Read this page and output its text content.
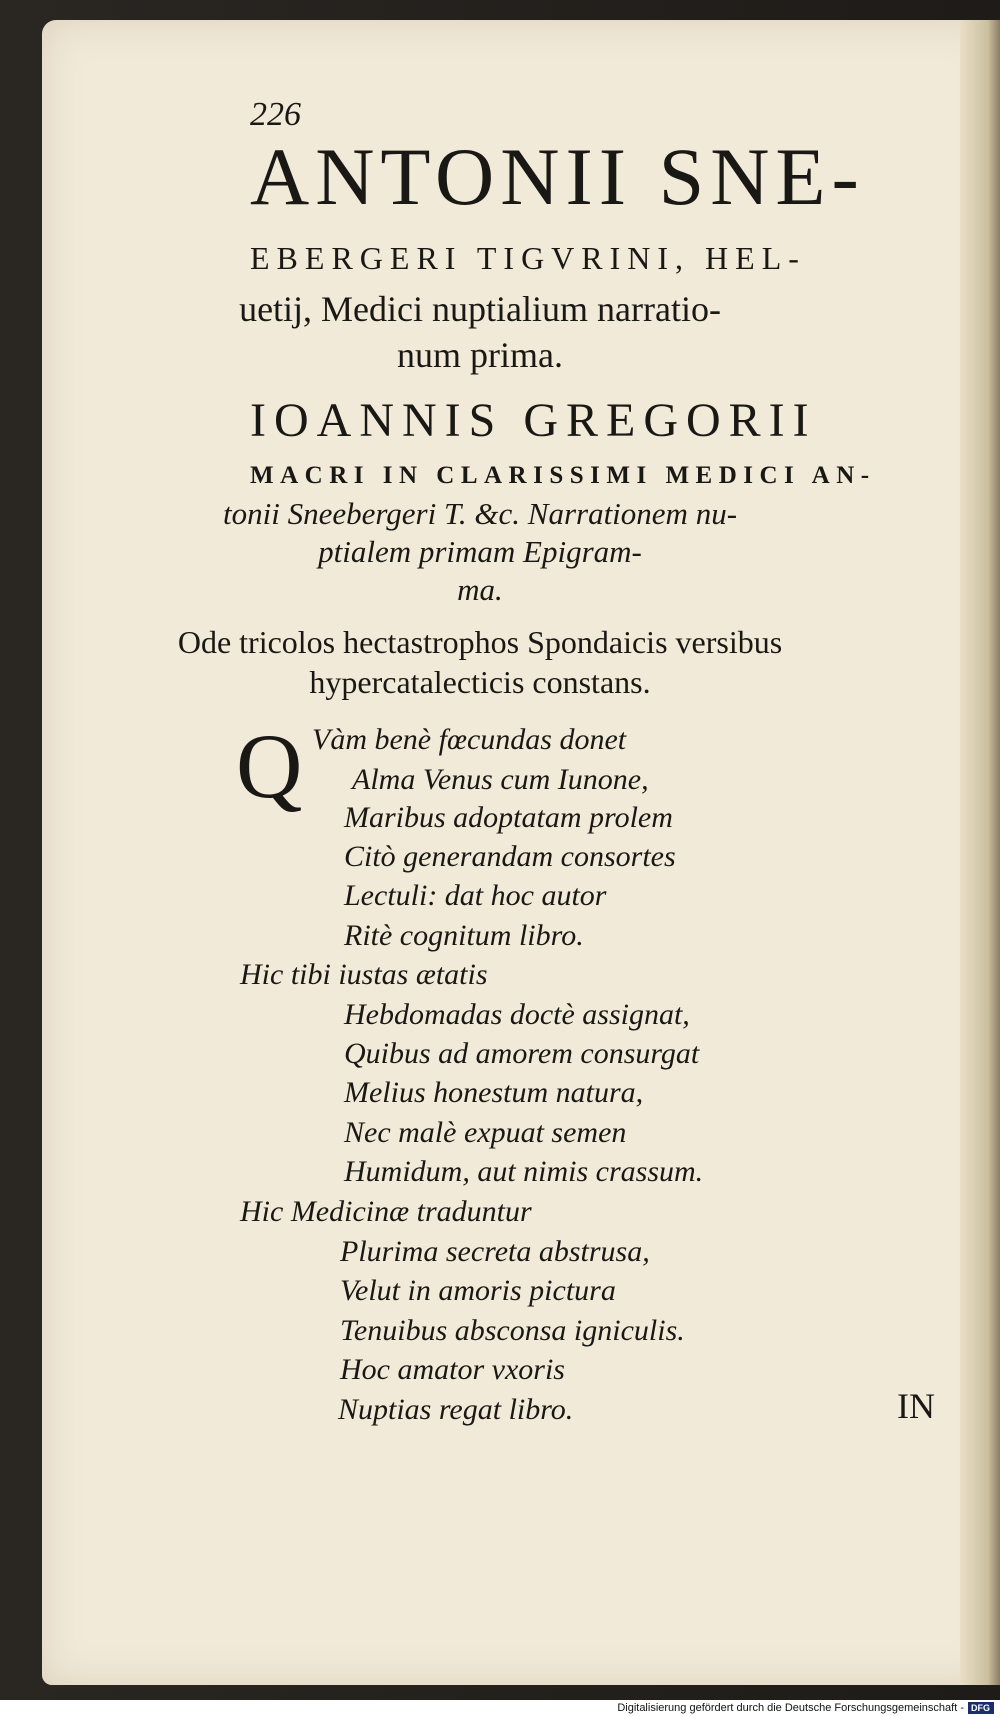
226
ANTONII SNE-
EBERGERI TIGVRINI, HEL-
uetij, Medici nuptialium narratio-
num prima.
IOANNIS GREGORII
MACRI IN CLARISSIMI MEDICI AN-
tonii Sneebergeri T. &c. Narrationem nu-
ptialem primam Epigram-
ma.
Ode tricolos hectastrophos Spondaicis versibus
hypercatalecticis constans.
Q Vàm benè fœcundas donet
Alma Venus cum Iunone,
Maribus adoptatam prolem
Citò generandam consortes
Lectuli: dat hoc autor
Ritè cognitum libro.
Hic tibi iustas ætatis
Hebdomadas doctè assignat,
Quibus ad amorem consurgat
Melius honestum natura,
Nec malè expuat semen
Humidum, aut nimis crassum.
Hic Medicinæ traduntur
Plurima secreta abstrusa,
Velut in amoris pictura
Tenuibus absconsa igniculis.
Hoc amator vxoris
Nuptias regat libro.	IN
Digitalisierung gefördert durch die Deutsche Forschungsgemeinschaft - DFG
